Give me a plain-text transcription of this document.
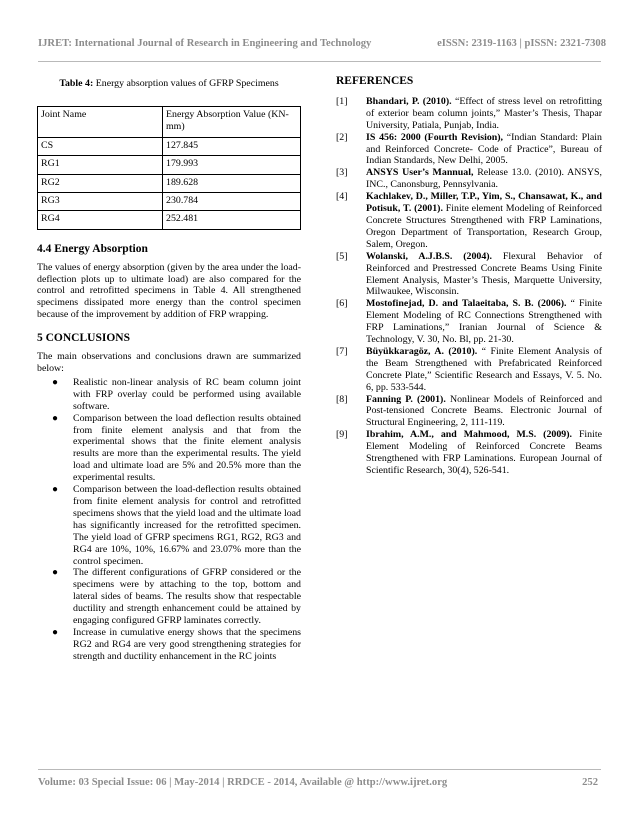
IJRET: International Journal of Research in Engineering and Technology	eISSN: 2319-1163 | pISSN: 2321-7308
Table 4: Energy absorption values of GFRP Specimens
Joint Name	Energy Absorption Value (KN-mm)
CS	127.845
RG1	179.993
RG2	189.628
RG3	230.784
RG4	252.481
4.4 Energy Absorption

The values of energy absorption (given by the area under the load-deflection plots up to ultimate load) are also compared for the control and retrofitted specimens in Table 4. All strengthened specimens dissipated more energy than the control specimen because of the improvement by addition of FRP wrapping.

5 CONCLUSIONS

The main observations and conclusions drawn are summarized below:

● Realistic non-linear analysis of RC beam column joint with FRP overlay could be performed using available software.
● Comparison between the load deflection results obtained from finite element analysis and that from the experimental shows that the finite element analysis results are more than the experimental results. The yield load and ultimate load are 5% and 20.5% more than the experimental results.
● Comparison between the load-deflection results obtained from finite element analysis for control and retrofitted specimens shows that the yield load and the ultimate load has significantly increased for the retrofitted specimen. The yield load of GFRP specimens RG1, RG2, RG3 and RG4 are 10%, 10%, 16.67% and 23.07% more than the control specimen.
● The different configurations of GFRP considered or the specimens were by attaching to the top, bottom and lateral sides of beams. The results show that respectable ductility and strength enhancement could be attained by engaging configured GFRP laminates correctly.
● Increase in cumulative energy shows that the specimens RG2 and RG4 are very good strengthening strategies for strength and ductility enhancement in the RC joints
REFERENCES
[1]	Bhandari, P. (2010). “Effect of stress level on retrofitting of exterior beam column joints,” Master’s Thesis, Thapar University, Patiala, Punjab, India.
[2]	IS 456: 2000 (Fourth Revision), “Indian Standard: Plain and Reinforced Concrete- Code of Practice”, Bureau of Indian Standards, New Delhi, 2005.
[3]	ANSYS User’s Mannual, Release 13.0. (2010). ANSYS, INC., Canonsburg, Pennsylvania.
[4]	Kachlakev, D., Miller, T.P., Yim, S., Chansawat, K., and Potisuk, T. (2001). Finite element Modeling of Reinforced Concrete Structures Strengthened with FRP Laminations, Oregon Department of Transportation, Research Group, Salem, Oregon.
[5]	Wolanski, A.J.B.S. (2004). Flexural Behavior of Reinforced and Prestressed Concrete Beams Using Finite Element Analysis, Master’s Thesis, Marquette University, Milwaukee, Wisconsin.
[6]	Mostofinejad, D. and Talaeitaba, S. B. (2006). “ Finite Element Modeling of RC Connections Strengthened with FRP Laminations,” Iranian Journal of Science & Technology, V. 30, No. Bl, pp. 21-30.
[7]	Büyükkaragöz, A. (2010). “ Finite Element Analysis of the Beam Strengthened with Prefabricated Reinforced Concrete Plate,” Scientific Research and Essays, V. 5. No. 6, pp. 533-544.
[8]	Fanning P. (2001). Nonlinear Models of Reinforced and Post-tensioned Concrete Beams. Electronic Journal of Structural Engineering, 2, 111-119.
[9]	Ibrahim, A.M., and Mahmood, M.S. (2009). Finite Element Modeling of Reinforced Concrete Beams Strengthened with FRP Laminations. European Journal of Scientific Research, 30(4), 526-541.
Volume: 03 Special Issue: 06 | May-2014 | RRDCE - 2014, Available @ http://www.ijret.org	252
